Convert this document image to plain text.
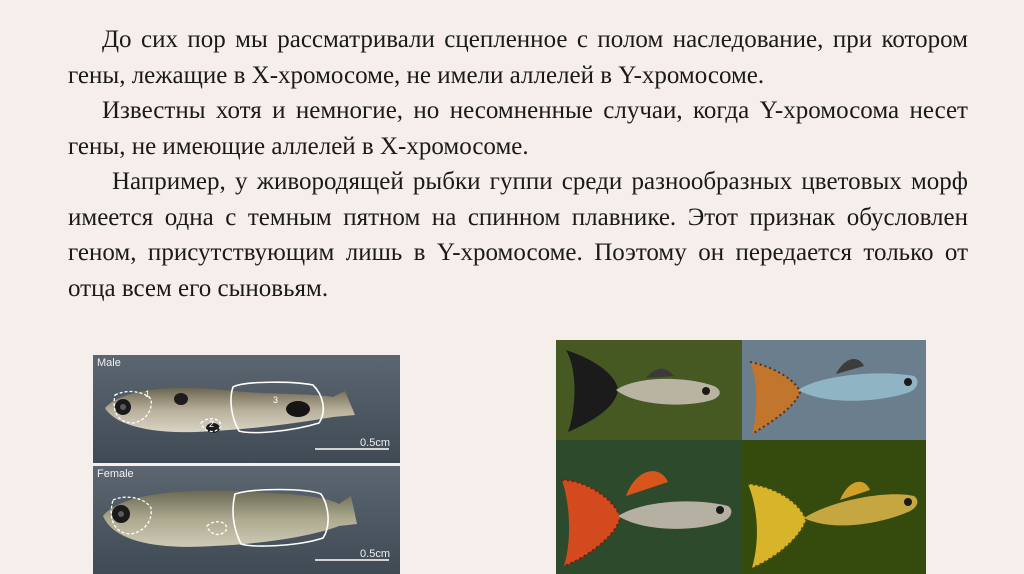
До сих пор мы рассматривали сцепленное с полом наследование, при котором гены, лежащие в Х-хромосоме, не имели аллелей в Y-хромосоме.

Известны хотя и немногие, но несомненные случаи, когда Y-хромосома несет гены, не имеющие аллелей в Х-хромосоме.

Например, у живородящей рыбки гуппи среди разнообразных цветовых морф имеется одна с темным пятном на спинном плавнике. Этот признак обусловлен геном, присутствующим лишь в Y-хромосоме. Поэтому он передается только от отца всем его сыновьям.

1
2
3
Male
0.5cm
Female
0.5cm
